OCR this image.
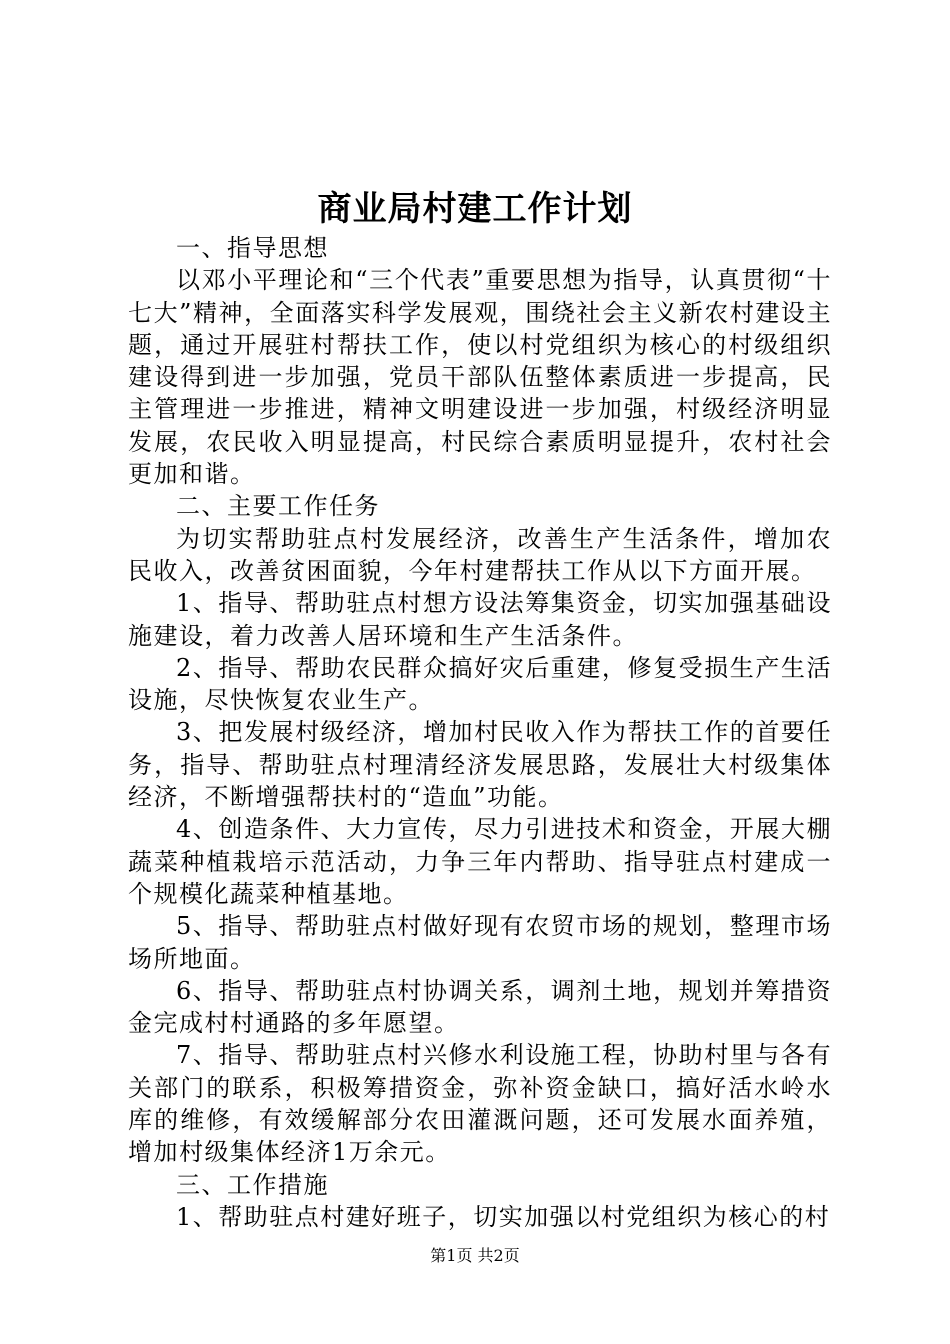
商业局村建工作计划

一、指导思想

以邓小平理论和“三个代表”重要思想为指导，认真贯彻“十七大”精神，全面落实科学发展观，围绕社会主义新农村建设主题，通过开展驻村帮扶工作，使以村党组织为核心的村级组织建设得到进一步加强，党员干部队伍整体素质进一步提高，民主管理进一步推进，精神文明建设进一步加强，村级经济明显发展，农民收入明显提高，村民综合素质明显提升，农村社会更加和谐。

二、主要工作任务

为切实帮助驻点村发展经济，改善生产生活条件，增加农民收入，改善贫困面貌，今年村建帮扶工作从以下方面开展。

1、指导、帮助驻点村想方设法筹集资金，切实加强基础设施建设，着力改善人居环境和生产生活条件。

2、指导、帮助农民群众搞好灾后重建，修复受损生产生活设施，尽快恢复农业生产。

3、把发展村级经济，增加村民收入作为帮扶工作的首要任务，指导、帮助驻点村理清经济发展思路，发展壮大村级集体经济，不断增强帮扶村的“造血”功能。

4、创造条件、大力宣传，尽力引进技术和资金，开展大棚蔬菜种植栽培示范活动，力争三年内帮助、指导驻点村建成一个规模化蔬菜种植基地。

5、指导、帮助驻点村做好现有农贸市场的规划，整理市场场所地面。

6、指导、帮助驻点村协调关系，调剂土地，规划并筹措资金完成村村通路的多年愿望。

7、指导、帮助驻点村兴修水利设施工程，协助村里与各有关部门的联系，积极筹措资金，弥补资金缺口，搞好活水岭水库的维修，有效缓解部分农田灌溉问题，还可发展水面养殖，增加村级集体经济1万余元。

三、工作措施

1、帮助驻点村建好班子，切实加强以村党组织为核心的村

第1页 共2页
